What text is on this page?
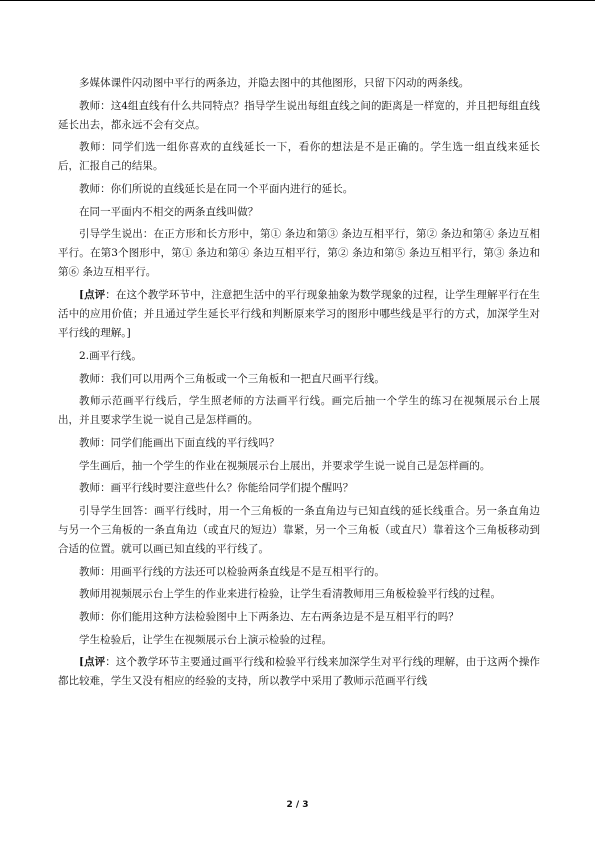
多媒体课件闪动图中平行的两条边，并隐去图中的其他图形，只留下闪动的两条线。

教师：这4组直线有什么共同特点？指导学生说出每组直线之间的距离是一样宽的，并且把每组直线延长出去，都永远不会有交点。

教师：同学们选一组你喜欢的直线延长一下，看你的想法是不是正确的。学生选一组直线来延长后，汇报自己的结果。

教师：你们所说的直线延长是在同一个平面内进行的延长。

在同一平面内不相交的两条直线叫做？

引导学生说出：在正方形和长方形中，第① 条边和第③ 条边互相平行，第② 条边和第④ 条边互相平行。在第3个图形中，第① 条边和第④ 条边互相平行，第② 条边和第⑤ 条边互相平行，第③ 条边和第⑥ 条边互相平行。

[点评：在这个教学环节中，注意把生活中的平行现象抽象为数学现象的过程，让学生理解平行在生活中的应用价值；并且通过学生延长平行线和判断原来学习的图形中哪些线是平行的方式，加深学生对平行线的理解。]

2.画平行线。

教师：我们可以用两个三角板或一个三角板和一把直尺画平行线。

教师示范画平行线后，学生照老师的方法画平行线。画完后抽一个学生的练习在视频展示台上展出，并且要求学生说一说自己是怎样画的。

教师：同学们能画出下面直线的平行线吗？

学生画后，抽一个学生的作业在视频展示台上展出，并要求学生说一说自己是怎样画的。

教师：画平行线时要注意些什么？你能给同学们提个醒吗？

引导学生回答：画平行线时，用一个三角板的一条直角边与已知直线的延长线重合。另一条直角边与另一个三角板的一条直角边（或直尺的短边）靠紧，另一个三角板（或直尺）靠着这个三角板移动到合适的位置。就可以画已知直线的平行线了。

教师：用画平行线的方法还可以检验两条直线是不是互相平行的。

教师用视频展示台上学生的作业来进行检验，让学生看清教师用三角板检验平行线的过程。

教师：你们能用这种方法检验图中上下两条边、左右两条边是不是互相平行的吗？

学生检验后，让学生在视频展示台上演示检验的过程。

[点评：这个教学环节主要通过画平行线和检验平行线来加深学生对平行线的理解，由于这两个操作都比较难，学生又没有相应的经验的支持，所以教学中采用了教师示范画平行线

2 / 3
